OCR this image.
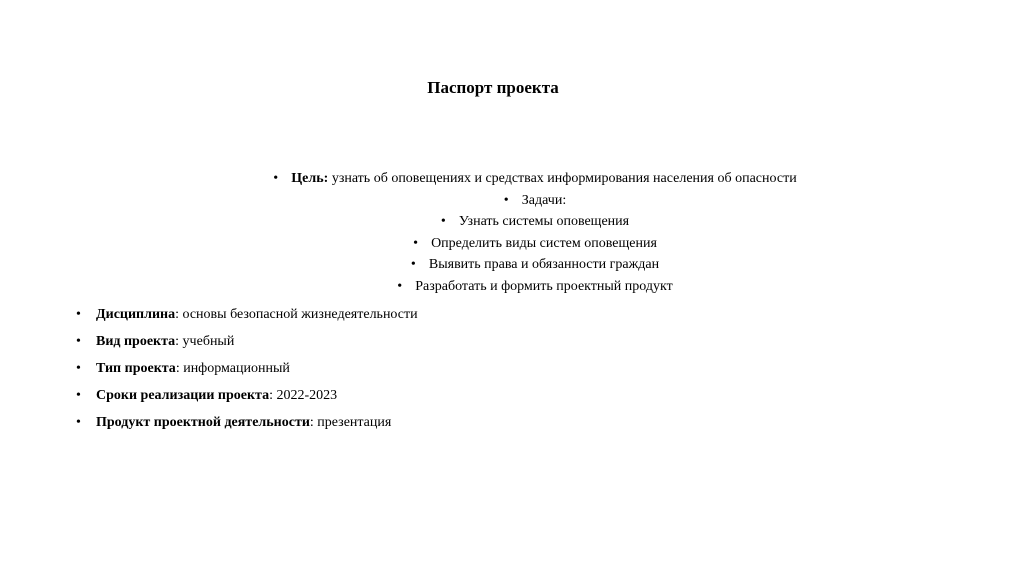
Паспорт проекта
• Цель: узнать об оповещениях и средствах информирования населения об опасности
• Задачи:
• Узнать системы оповещения
• Определить виды систем оповещения
• Выявить права и обязанности граждан
• Разработать и формить проектный продукт
•	Дисциплина: основы безопасной жизнедеятельности
•	Вид проекта: учебный
•	Тип проекта: информационный
•	Сроки реализации проекта: 2022-2023
•	Продукт проектной деятельности: презентация
